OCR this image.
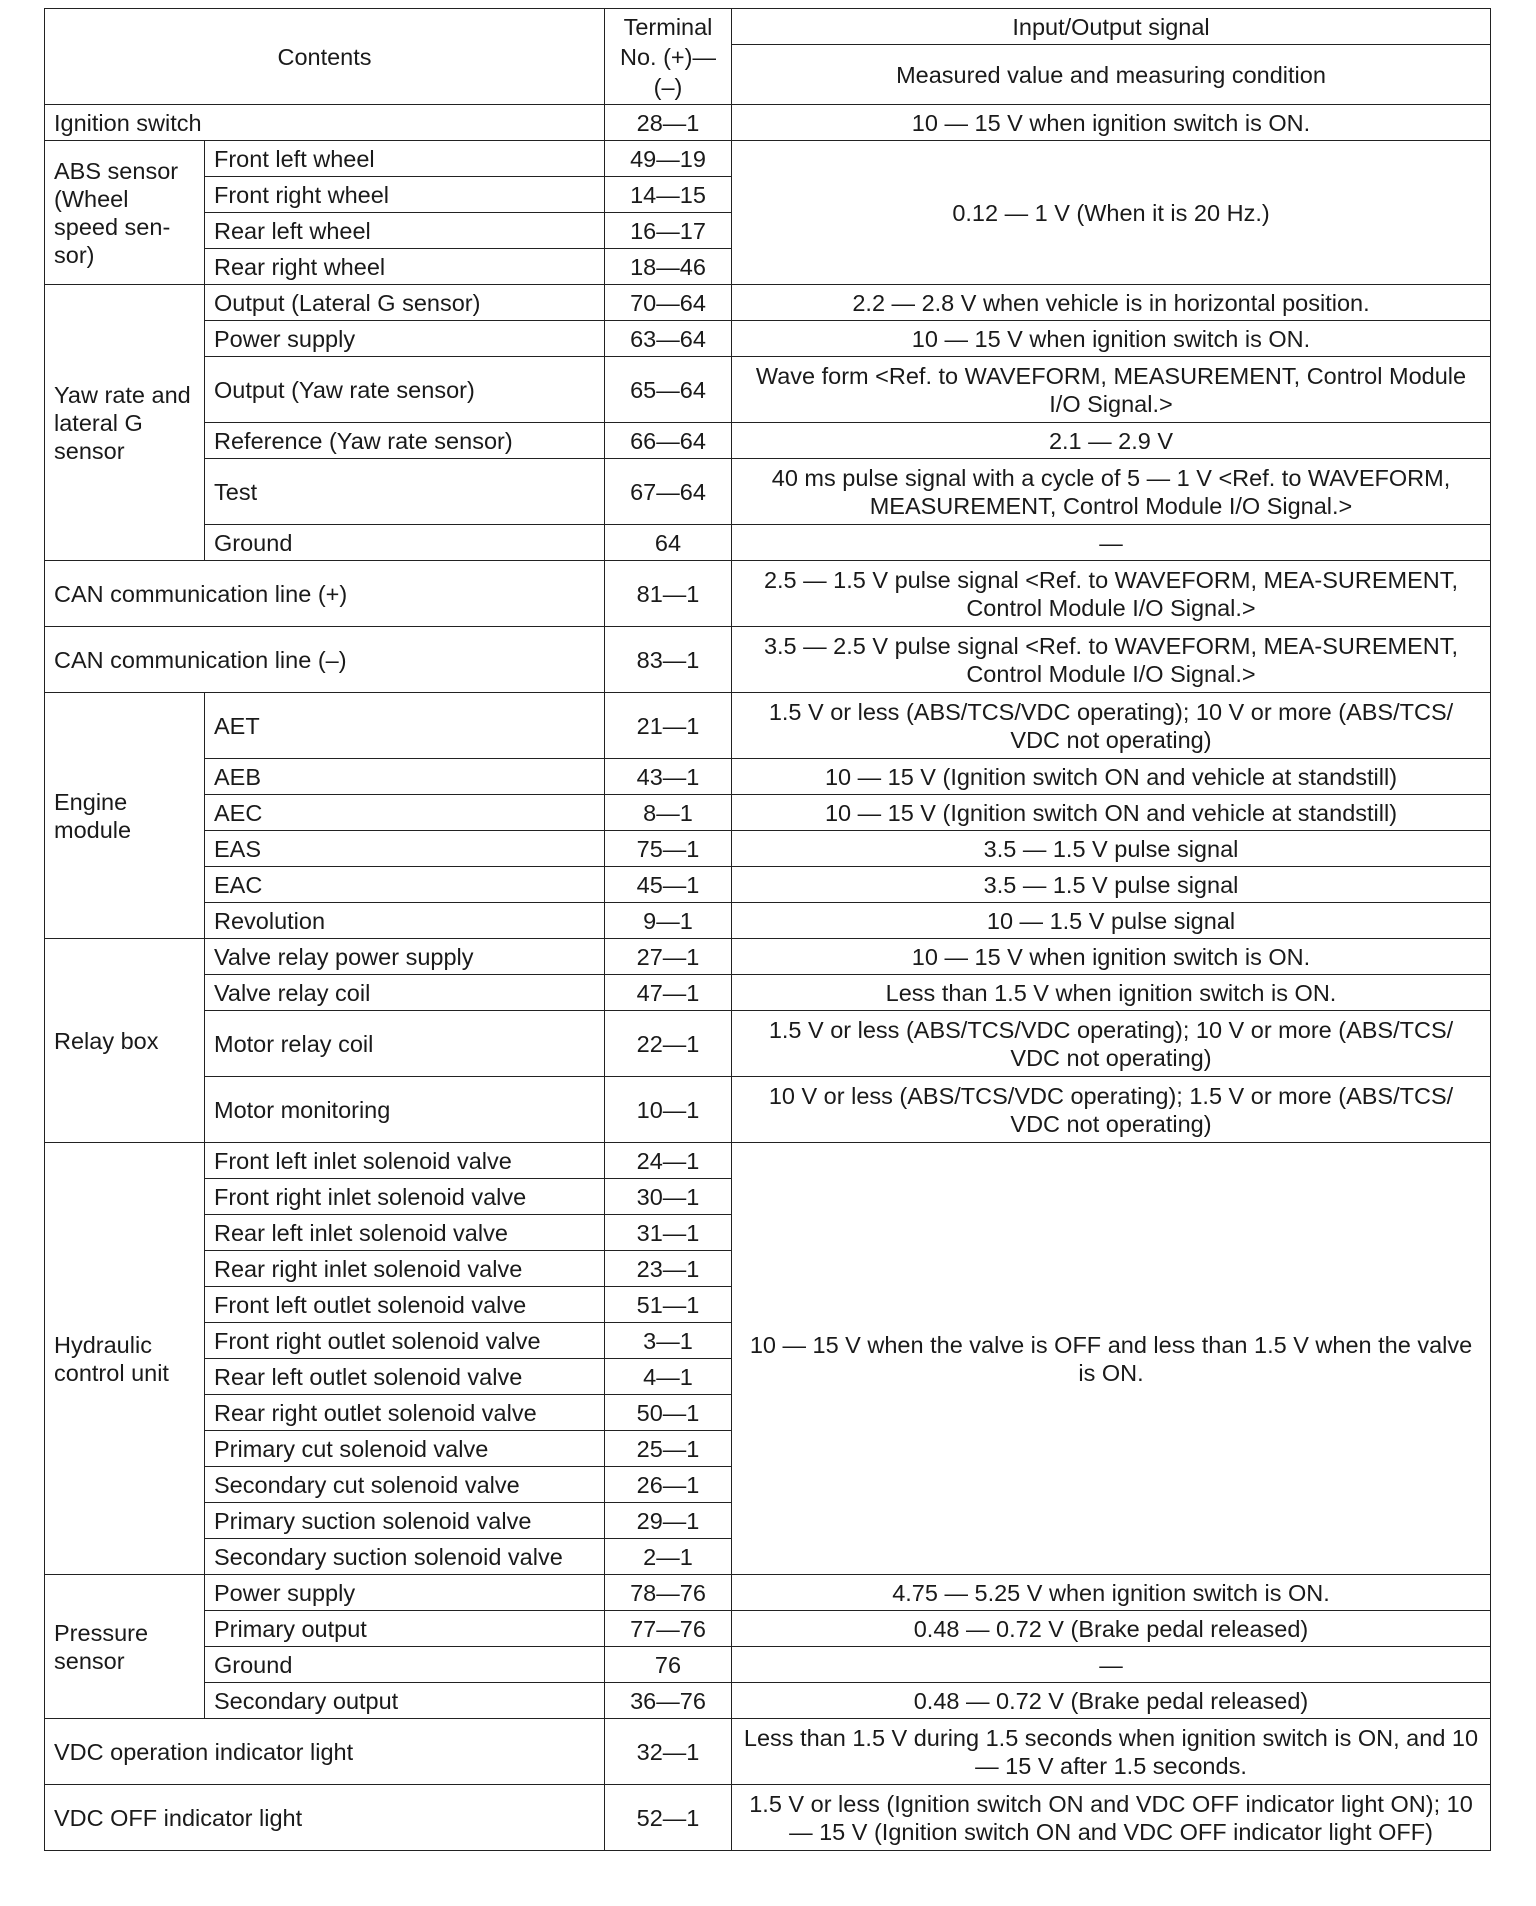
Contents		Terminal No. (+)—(–)	Input/Output signal
			Measured value and measuring condition
Ignition switch		28—1	10 — 15 V when ignition switch is ON.
ABS sensor (Wheel speed sen-sor)	Front left wheel	49—19	0.12 — 1 V (When it is 20 Hz.)
	Front right wheel	14—15	
	Rear left wheel	16—17	
	Rear right wheel	18—46	
Yaw rate and lateral G sensor	Output (Lateral G sensor)	70—64	2.2 — 2.8 V when vehicle is in horizontal position.
	Power supply	63—64	10 — 15 V when ignition switch is ON.
	Output (Yaw rate sensor)	65—64	Wave form <Ref. to WAVEFORM, MEASUREMENT, Control Module I/O Signal.>
	Reference (Yaw rate sensor)	66—64	2.1 — 2.9 V
	Test	67—64	40 ms pulse signal with a cycle of 5 — 1 V <Ref. to WAVEFORM, MEASUREMENT, Control Module I/O Signal.>
	Ground	64	—
CAN communication line (+)		81—1	2.5 — 1.5 V pulse signal <Ref. to WAVEFORM, MEA-SUREMENT, Control Module I/O Signal.>
CAN communication line (–)		83—1	3.5 — 2.5 V pulse signal <Ref. to WAVEFORM, MEA-SUREMENT, Control Module I/O Signal.>
Engine module	AET	21—1	1.5 V or less (ABS/TCS/VDC operating); 10 V or more (ABS/TCS/ VDC not operating)
	AEB	43—1	10 — 15 V (Ignition switch ON and vehicle at standstill)
	AEC	8—1	10 — 15 V (Ignition switch ON and vehicle at standstill)
	EAS	75—1	3.5 — 1.5 V pulse signal
	EAC	45—1	3.5 — 1.5 V pulse signal
	Revolution	9—1	10 — 1.5 V pulse signal
Relay box	Valve relay power supply	27—1	10 — 15 V when ignition switch is ON.
	Valve relay coil	47—1	Less than 1.5 V when ignition switch is ON.
	Motor relay coil	22—1	1.5 V or less (ABS/TCS/VDC operating); 10 V or more (ABS/TCS/ VDC not operating)
	Motor monitoring	10—1	10 V or less (ABS/TCS/VDC operating); 1.5 V or more (ABS/TCS/ VDC not operating)
Hydraulic control unit	Front left inlet solenoid valve	24—1	10 — 15 V when the valve is OFF and less than 1.5 V when the valve is ON.
	Front right inlet solenoid valve	30—1	
	Rear left inlet solenoid valve	31—1	
	Rear right inlet solenoid valve	23—1	
	Front left outlet solenoid valve	51—1	
	Front right outlet solenoid valve	3—1	
	Rear left outlet solenoid valve	4—1	
	Rear right outlet solenoid valve	50—1	
	Primary cut solenoid valve	25—1	
	Secondary cut solenoid valve	26—1	
	Primary suction solenoid valve	29—1	
	Secondary suction solenoid valve	2—1	
Pressure sensor	Power supply	78—76	4.75 — 5.25 V when ignition switch is ON.
	Primary output	77—76	0.48 — 0.72 V (Brake pedal released)
	Ground	76	—
	Secondary output	36—76	0.48 — 0.72 V (Brake pedal released)
VDC operation indicator light		32—1	Less than 1.5 V during 1.5 seconds when ignition switch is ON, and 10 — 15 V after 1.5 seconds.
VDC OFF indicator light		52—1	1.5 V or less (Ignition switch ON and VDC OFF indicator light ON); 10 — 15 V (Ignition switch ON and VDC OFF indicator light OFF)
